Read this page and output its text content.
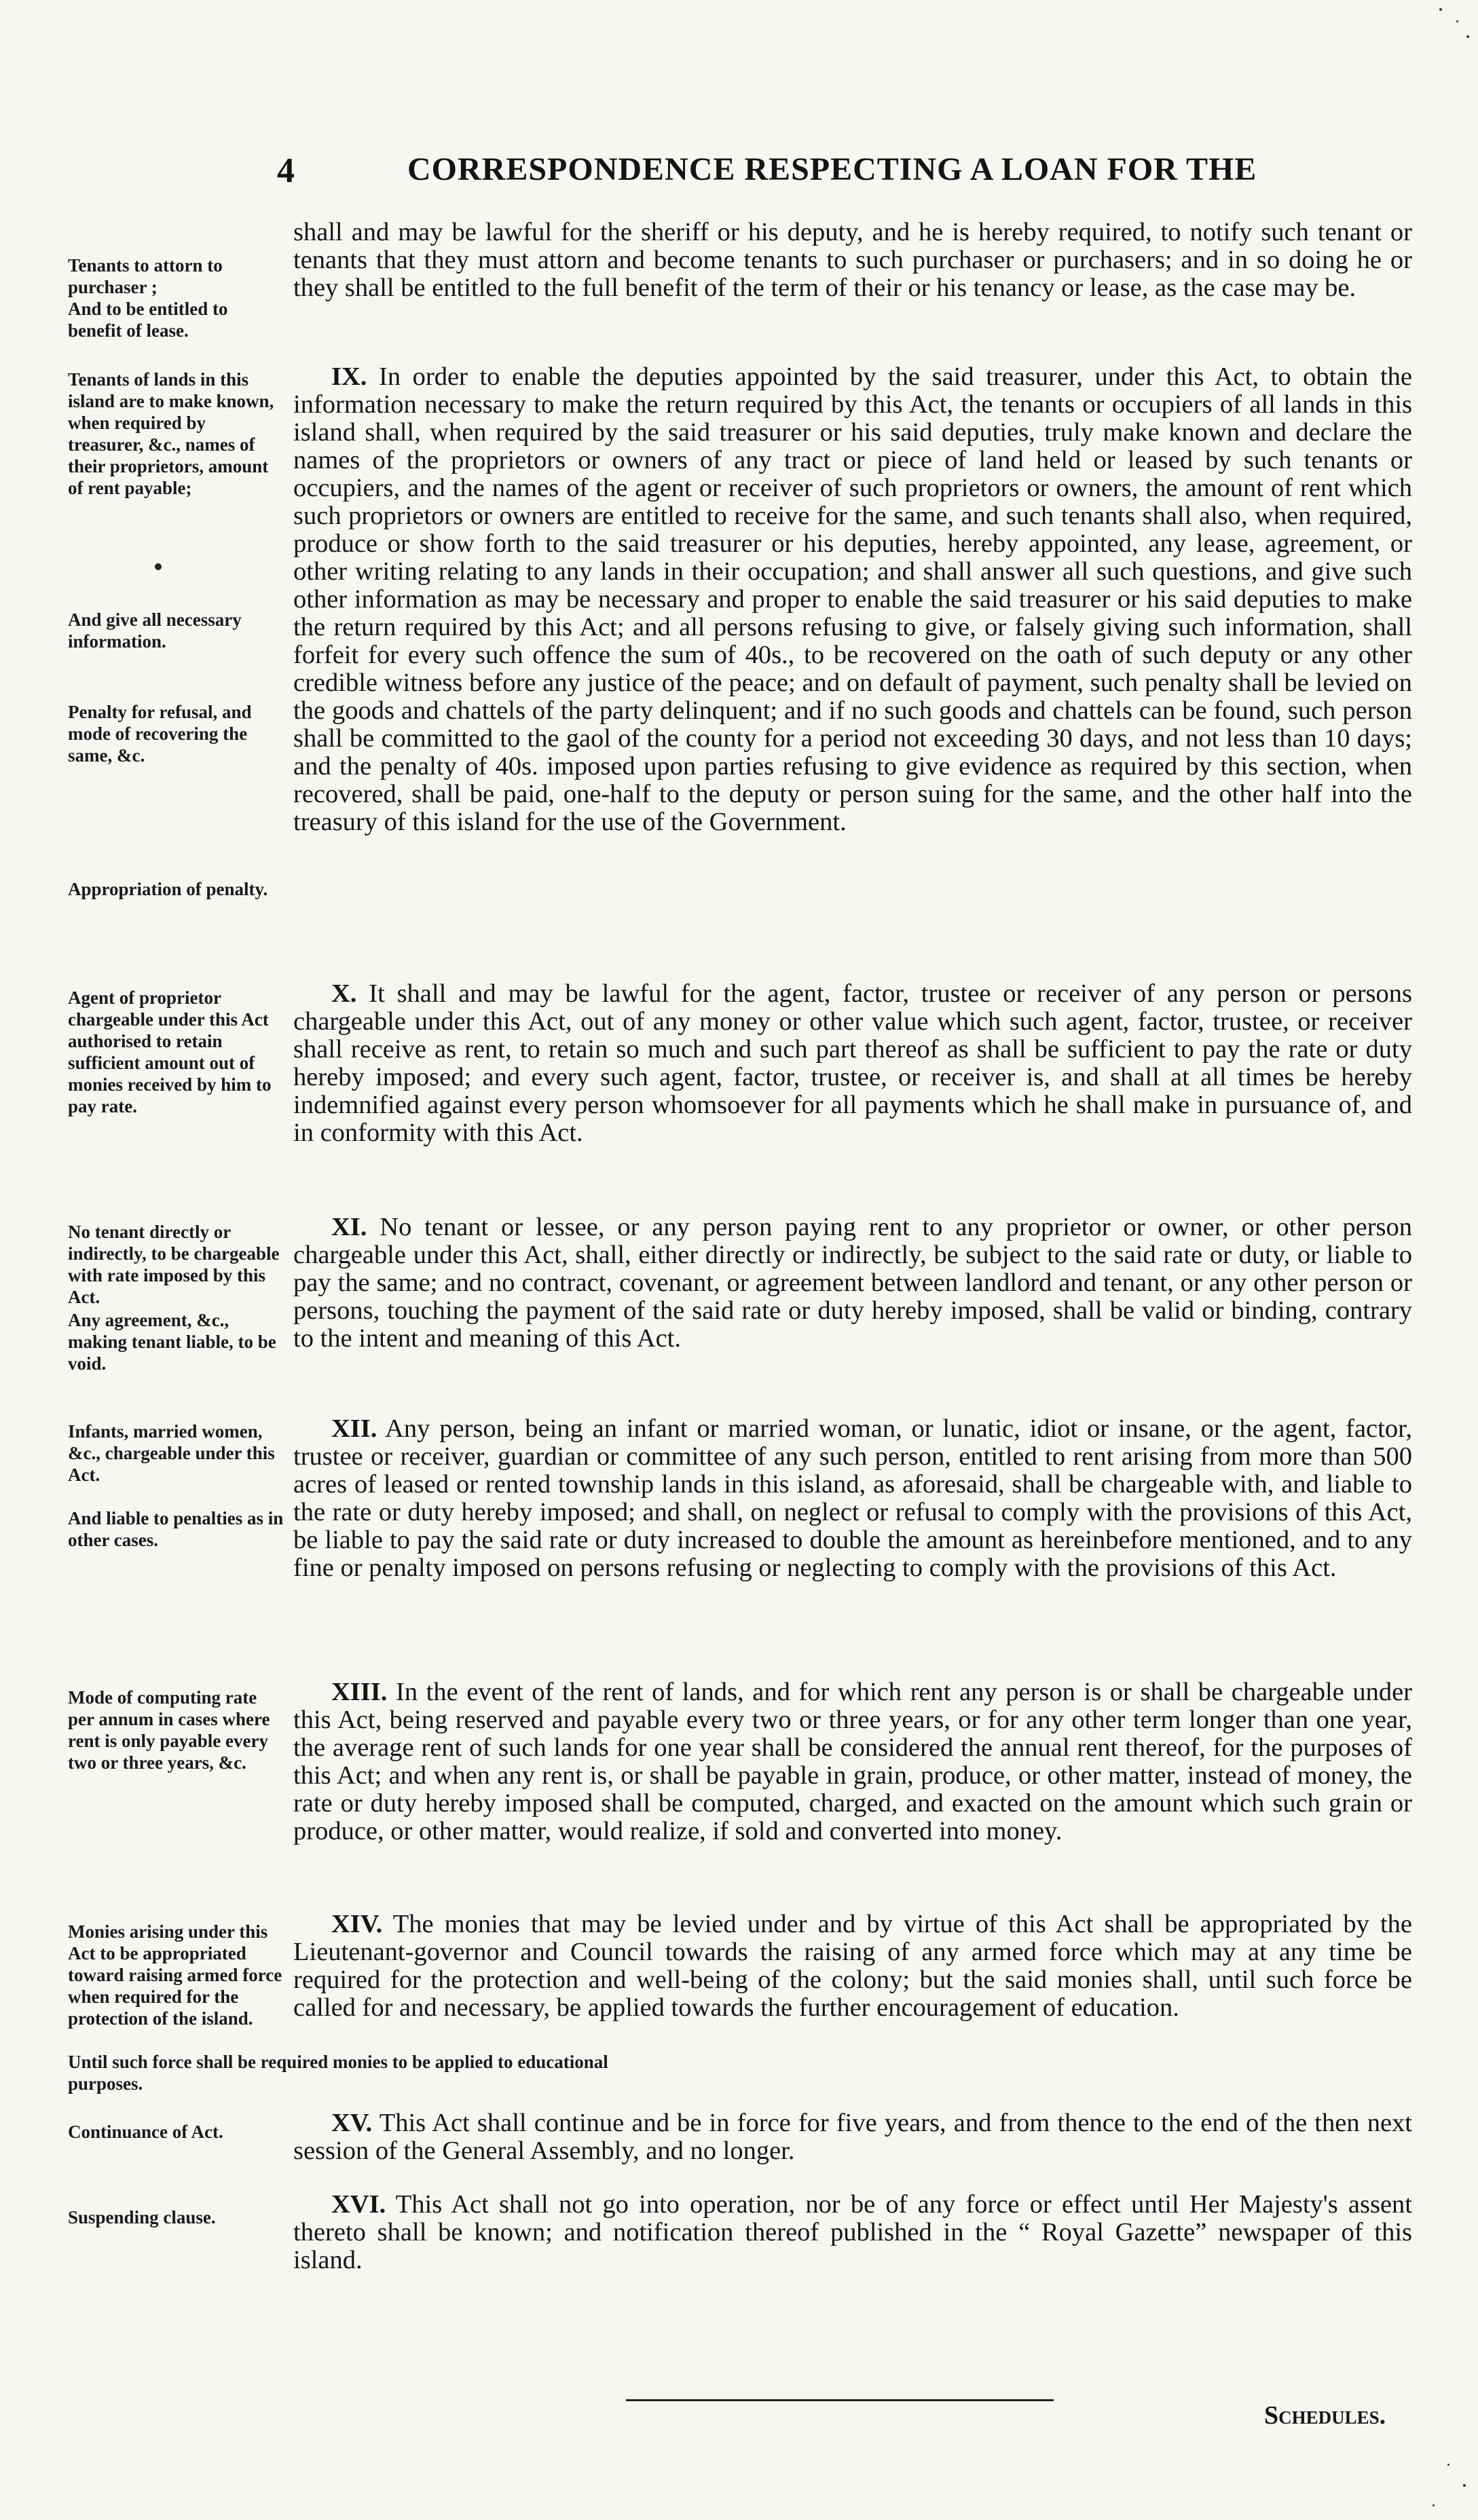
4	CORRESPONDENCE RESPECTING A LOAN FOR THE
Tenants to attorn to purchaser ;
And to be entitled to benefit of lease.
Tenants of lands in this island are to make known, when required by treasurer, &c., names of their proprietors, amount of rent payable;
And give all necessary information.
Penalty for refusal, and mode of recovering the same, &c.
Appropriation of penalty.
Agent of proprietor chargeable under this Act authorised to retain sufficient amount out of monies received by him to pay rate.
No tenant directly or indirectly, to be chargeable with rate imposed by this Act.
Any agreement, &c., making tenant liable, to be void.
Infants, married women, &c., chargeable under this Act.
And liable to penalties as in other cases.
Mode of computing rate per annum in cases where rent is only payable every two or three years, &c.
Monies arising under this Act to be appropriated toward raising armed force when required for the protection of the island.
Until such force shall be required monies to be applied to educational purposes.
Continuance of Act.
Suspending clause.
shall and may be lawful for the sheriff or his deputy, and he is hereby required, to notify such tenant or tenants that they must attorn and become tenants to such purchaser or purchasers; and in so doing he or they shall be entitled to the full benefit of the term of their or his tenancy or lease, as the case may be.
IX. In order to enable the deputies appointed by the said treasurer, under this Act, to obtain the information necessary to make the return required by this Act, the tenants or occupiers of all lands in this island shall, when required by the said treasurer or his said deputies, truly make known and declare the names of the proprietors or owners of any tract or piece of land held or leased by such tenants or occupiers, and the names of the agent or receiver of such proprietors or owners, the amount of rent which such proprietors or owners are entitled to receive for the same, and such tenants shall also, when required, produce or show forth to the said treasurer or his deputies, hereby appointed, any lease, agreement, or other writing relating to any lands in their occupation; and shall answer all such questions, and give such other information as may be necessary and proper to enable the said treasurer or his said deputies to make the return required by this Act; and all persons refusing to give, or falsely giving such information, shall forfeit for every such offence the sum of 40s., to be recovered on the oath of such deputy or any other credible witness before any justice of the peace; and on default of payment, such penalty shall be levied on the goods and chattels of the party delinquent; and if no such goods and chattels can be found, such person shall be committed to the gaol of the county for a period not exceeding 30 days, and not less than 10 days; and the penalty of 40s. imposed upon parties refusing to give evidence as required by this section, when recovered, shall be paid, one-half to the deputy or person suing for the same, and the other half into the treasury of this island for the use of the Government.
X. It shall and may be lawful for the agent, factor, trustee or receiver of any person or persons chargeable under this Act, out of any money or other value which such agent, factor, trustee, or receiver shall receive as rent, to retain so much and such part thereof as shall be sufficient to pay the rate or duty hereby imposed; and every such agent, factor, trustee, or receiver is, and shall at all times be hereby indemnified against every person whomsoever for all payments which he shall make in pursuance of, and in conformity with this Act.
XI. No tenant or lessee, or any person paying rent to any proprietor or owner, or other person chargeable under this Act, shall, either directly or indirectly, be subject to the said rate or duty, or liable to pay the same; and no contract, covenant, or agreement between landlord and tenant, or any other person or persons, touching the payment of the said rate or duty hereby imposed, shall be valid or binding, contrary to the intent and meaning of this Act.
XII. Any person, being an infant or married woman, or lunatic, idiot or insane, or the agent, factor, trustee or receiver, guardian or committee of any such person, entitled to rent arising from more than 500 acres of leased or rented township lands in this island, as aforesaid, shall be chargeable with, and liable to the rate or duty hereby imposed; and shall, on neglect or refusal to comply with the provisions of this Act, be liable to pay the said rate or duty increased to double the amount as hereinbefore mentioned, and to any fine or penalty imposed on persons refusing or neglecting to comply with the provisions of this Act.
XIII. In the event of the rent of lands, and for which rent any person is or shall be chargeable under this Act, being reserved and payable every two or three years, or for any other term longer than one year, the average rent of such lands for one year shall be considered the annual rent thereof, for the purposes of this Act; and when any rent is, or shall be payable in grain, produce, or other matter, instead of money, the rate or duty hereby imposed shall be computed, charged, and exacted on the amount which such grain or produce, or other matter, would realize, if sold and converted into money.
XIV. The monies that may be levied under and by virtue of this Act shall be appropriated by the Lieutenant-governor and Council towards the raising of any armed force which may at any time be required for the protection and well-being of the colony; but the said monies shall, until such force be called for and necessary, be applied towards the further encouragement of education.
XV. This Act shall continue and be in force for five years, and from thence to the end of the then next session of the General Assembly, and no longer.
XVI. This Act shall not go into operation, nor be of any force or effect until Her Majesty's assent thereto shall be known; and notification thereof published in the “ Royal Gazette” newspaper of this island.
Schedules.
